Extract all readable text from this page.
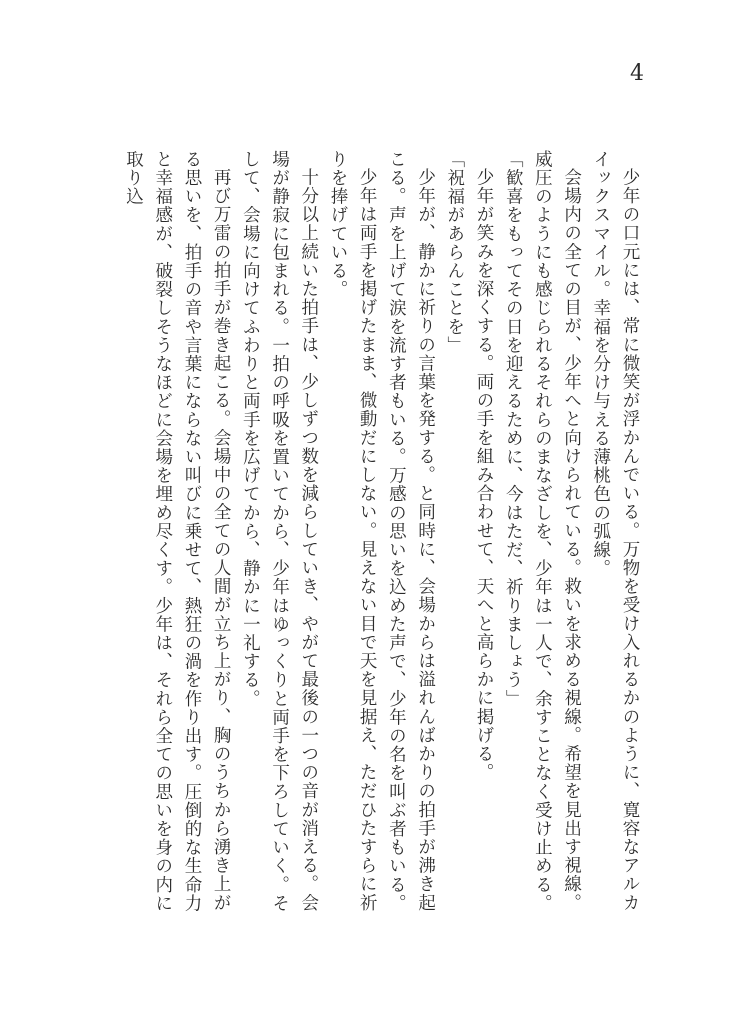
4

少年の口元には、常に微笑が浮かんでいる。万物を受け入れるかのように、寛容なアルカイックスマイル。幸福を分け与える薄桃色の弧線。

会場内の全ての目が、少年へと向けられている。救いを求める視線。希望を見出す視線。威圧のようにも感じられるそれらのまなざしを、少年は一人で、余すことなく受け止める。

「歓喜をもってその日を迎えるために、今はただ、祈りましょう」

少年が笑みを深くする。両の手を組み合わせて、天へと高らかに掲げる。

「祝福があらんことを」

少年が、静かに祈りの言葉を発する。と同時に、会場からは溢れんばかりの拍手が沸き起こる。声を上げて涙を流す者もいる。万感の思いを込めた声で、少年の名を叫ぶ者もいる。

少年は両手を掲げたまま、微動だにしない。見えない目で天を見据え、ただひたすらに祈りを捧げている。

十分以上続いた拍手は、少しずつ数を減らしていき、やがて最後の一つの音が消える。会場が静寂に包まれる。一拍の呼吸を置いてから、少年はゆっくりと両手を下ろしていく。そして、会場に向けてふわりと両手を広げてから、静かに一礼する。

再び万雷の拍手が巻き起こる。会場中の全ての人間が立ち上がり、胸のうちから湧き上がる思いを、拍手の音や言葉にならない叫びに乗せて、熱狂の渦を作り出す。圧倒的な生命力と幸福感が、破裂しそうなほどに会場を埋め尽くす。少年は、それら全ての思いを身の内に取り込
